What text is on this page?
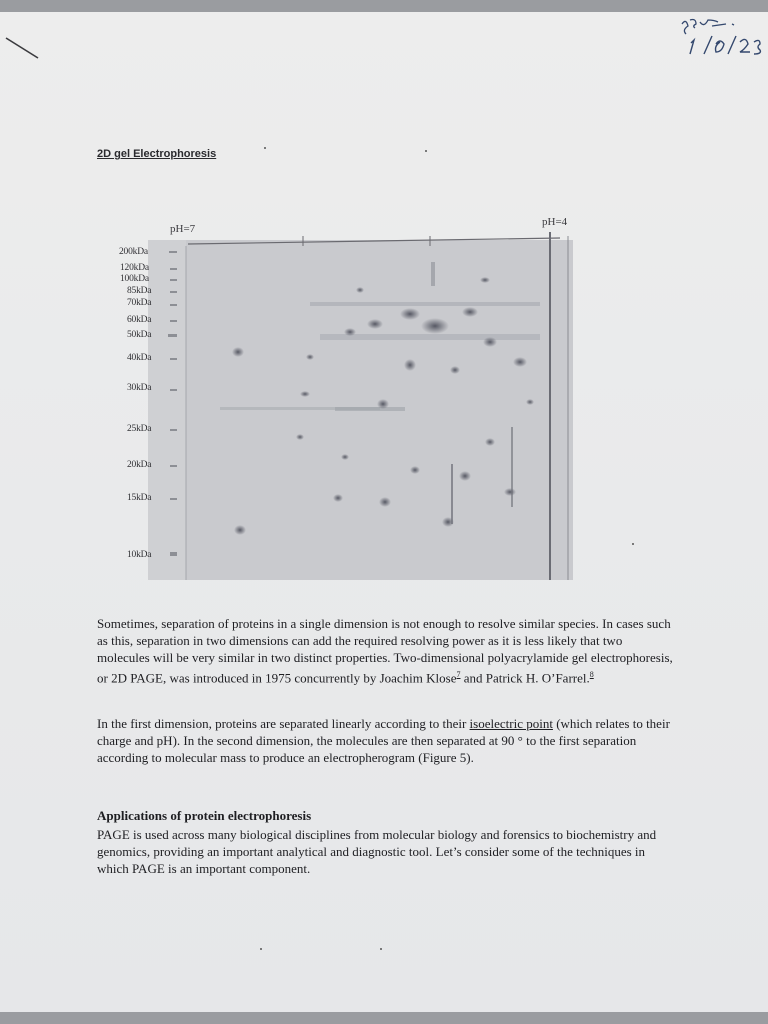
2D gel Electrophoresis
pH=7
pH=4
200kDa
120kDa
100kDa
85kDa
70kDa
60kDa
50kDa
40kDa
30kDa
25kDa
20kDa
15kDa
10kDa

Sometimes, separation of proteins in a single dimension is not enough to resolve similar species. In cases such as this, separation in two dimensions can add the required resolving power as it is less likely that two molecules will be very similar in two distinct properties. Two-dimensional polyacrylamide gel electrophoresis, or 2D PAGE, was introduced in 1975 concurrently by Joachim Klose$^7$ and Patrick H. O’Farrel.$^8$

In the first dimension, proteins are separated linearly according to their isoelectric point (which relates to their charge and pH). In the second dimension, the molecules are then separated at 90 ° to the first separation according to molecular mass to produce an electropherogram (Figure 5).

Applications of protein electrophoresis

PAGE is used across many biological disciplines from molecular biology and forensics to biochemistry and genomics, providing an important analytical and diagnostic tool. Let’s consider some of the techniques in which PAGE is an important component.
